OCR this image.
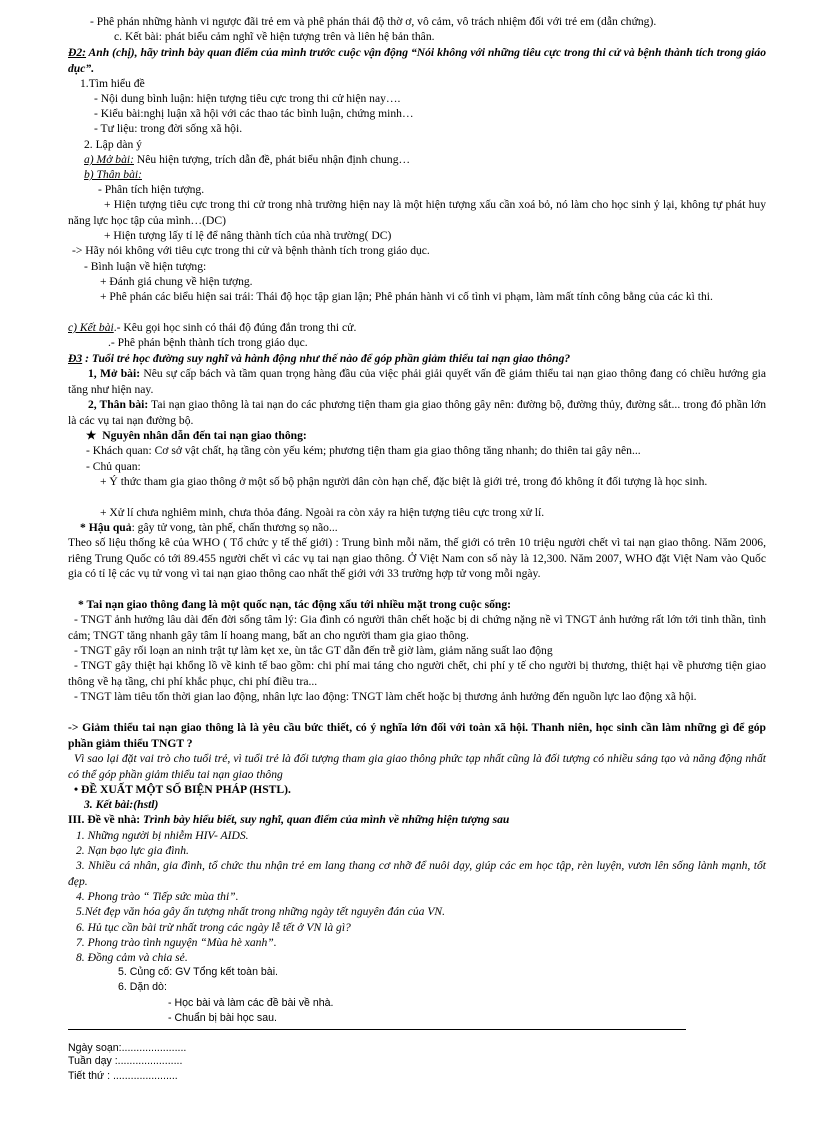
- Phê phán những hành vi ngược đãi trẻ em và phê phán thái độ thờ ơ, vô cảm, vô trách nhiệm đối với trẻ em (dẫn chứng).
c. Kết bài: phát biểu cảm nghĩ về hiện tượng trên và liên hệ bản thân.
Đ2: Anh (chị), hãy trình bày quan điểm của mình trước cuộc vận động “Nói không với những tiêu cực trong thi cử và bệnh thành tích trong giáo dục”.
1.Tìm hiểu đề
- Nội dung bình luận: hiện tượng tiêu cực trong thi cử hiện nay….
- Kiểu bài:nghị luận xã hội với các thao tác bình luận, chứng minh…
- Tư liệu: trong đời sống xã hội.
2. Lập dàn ý
a) Mở bài: Nêu hiện tượng, trích dẫn đề, phát biểu nhận định chung…
b) Thân bài:
- Phân tích hiện tượng.
+ Hiện tượng tiêu cực trong thi cử trong nhà trường hiện nay là một hiện tượng xấu cần xoá bỏ, nó làm cho học sinh ỷ lại, không tự phát huy năng lực học tập của mình…(DC)
+ Hiện tượng lấy tỉ lệ để nâng thành tích của nhà trường( DC)
-> Hãy nói không với tiêu cực trong thi cử và bệnh thành tích trong giáo dục.
- Bình luận về hiện tượng:
+ Đánh giá chung về hiện tượng.
+ Phê phán các biểu hiện sai trái: Thái độ học tập gian lận; Phê phán hành vi cố tình vi phạm, làm mất tính công bằng của các kì thi.
c) Kết bài.- Kêu gọi học sinh có thái độ đúng đắn trong thi cử.
.- Phê phán bệnh thành tích trong giáo dục.
Đ3 : Tuổi trẻ học đường suy nghĩ và hành động như thế nào để góp phần giảm thiểu tai nạn giao thông?
1, Mở bài: Nêu sự cấp bách và tầm quan trọng hàng đầu của việc phải giải quyết vấn đề giảm thiểu tai nạn giao thông đang có chiều hướng gia tăng như hiện nay.
2, Thân bài: Tai nạn giao thông là tai nạn do các phương tiện tham gia giao thông gây nên: đường bộ, đường thủy, đường sắt... trong đó phần lớn là các vụ tai nạn đường bộ.
★ Nguyên nhân dẫn đến tai nạn giao thông:
- Khách quan: Cơ sở vật chất, hạ tầng còn yếu kém; phương tiện tham gia giao thông tăng nhanh; do thiên tai gây nên...
- Chủ quan:
+ Ý thức tham gia giao thông ở một số bộ phận người dân còn hạn chế, đặc biệt là giới trẻ, trong đó không ít đối tượng là học sinh.
+ Xử lí chưa nghiêm minh, chưa thỏa đáng. Ngoài ra còn xảy ra hiện tượng tiêu cực trong xử lí.
* Hậu quả: gây tử vong, tàn phế, chấn thương sọ não...
Theo số liệu thống kê của WHO ( Tổ chức y tế thế giới) : Trung bình mỗi năm, thế giới có trên 10 triệu người chết vì tai nạn giao thông. Năm 2006, riêng Trung Quốc có tới 89.455 người chết vì các vụ tai nạn giao thông. Ở Việt Nam con số này là 12,300. Năm 2007, WHO đặt Việt Nam vào Quốc gia có tỉ lệ các vụ tử vong vì tai nạn giao thông cao nhất thế giới với 33 trường hợp tử vong mỗi ngày.
* Tai nạn giao thông đang là một quốc nạn, tác động xấu tới nhiều mặt trong cuộc sống:
- TNGT ảnh hưởng lâu dài đến đời sống tâm lý: Gia đình có người thân chết hoặc bị di chứng nặng nề vì TNGT ảnh hưởng rất lớn tới tinh thần, tình cảm; TNGT tăng nhanh gây tâm lí hoang mang, bất an cho người tham gia giao thông.
- TNGT gây rối loạn an ninh trật tự làm kẹt xe, ùn tắc GT dẫn đến trễ giờ làm, giảm năng suất lao động
- TNGT gây thiệt hại khổng lồ về kinh tế bao gồm: chi phí mai táng cho người chết, chi phí y tế cho người bị thương, thiệt hại về phương tiện giao thông về hạ tầng, chi phí khắc phục, chi phí điều tra...
- TNGT làm tiêu tốn thời gian lao động, nhân lực lao động: TNGT làm chết hoặc bị thương ảnh hưởng đến nguồn lực lao động xã hội.
-> Giảm thiểu tai nạn giao thông là là yêu cầu bức thiết, có ý nghĩa lớn đối với toàn xã hội. Thanh niên, học sinh cần làm những gì để góp phần giảm thiểu TNGT ?
Vì sao lại đặt vai trò cho tuổi trẻ, vì tuổi trẻ là đối tượng tham gia giao thông phức tạp nhất cũng là đối tượng có nhiều sáng tạo và năng động nhất có thể góp phần giảm thiểu tai nạn giao thông
• ĐỀ XUẤT MỘT SỐ BIỆN PHÁP (HSTL).
3. Kết bài:(hstl)
III. Đề về nhà: Trình bày hiểu biết, suy nghĩ, quan điểm của mình về những hiện tượng sau
1. Những người bị nhiễm HIV- AIDS.
2. Nạn bạo lực gia đình.
3. Nhiều cá nhân, gia đình, tổ chức thu nhận trẻ em lang thang cơ nhỡ để nuôi dạy, giúp các em học tập, rèn luyện, vươn lên sống lành mạnh, tốt đẹp.
4. Phong trào “ Tiếp sức mùa thi”.
5.Nét đẹp văn hóa gây ấn tượng nhất trong những ngày tết nguyên đán của VN.
6. Hủ tục cần bài trừ nhất trong các ngày lễ tết ở VN là gì?
7. Phong trào tình nguyện “Mùa hè xanh”.
8. Đồng cảm và chia sẻ.
5. Củng cố: GV Tổng kết toàn bài.
6. Dặn dò:
- Học bài và làm các đề bài về nhà.
- Chuẩn bị bài học sau.
Ngày soạn:......................
Tuần dạy :......................
Tiết thứ : ......................
